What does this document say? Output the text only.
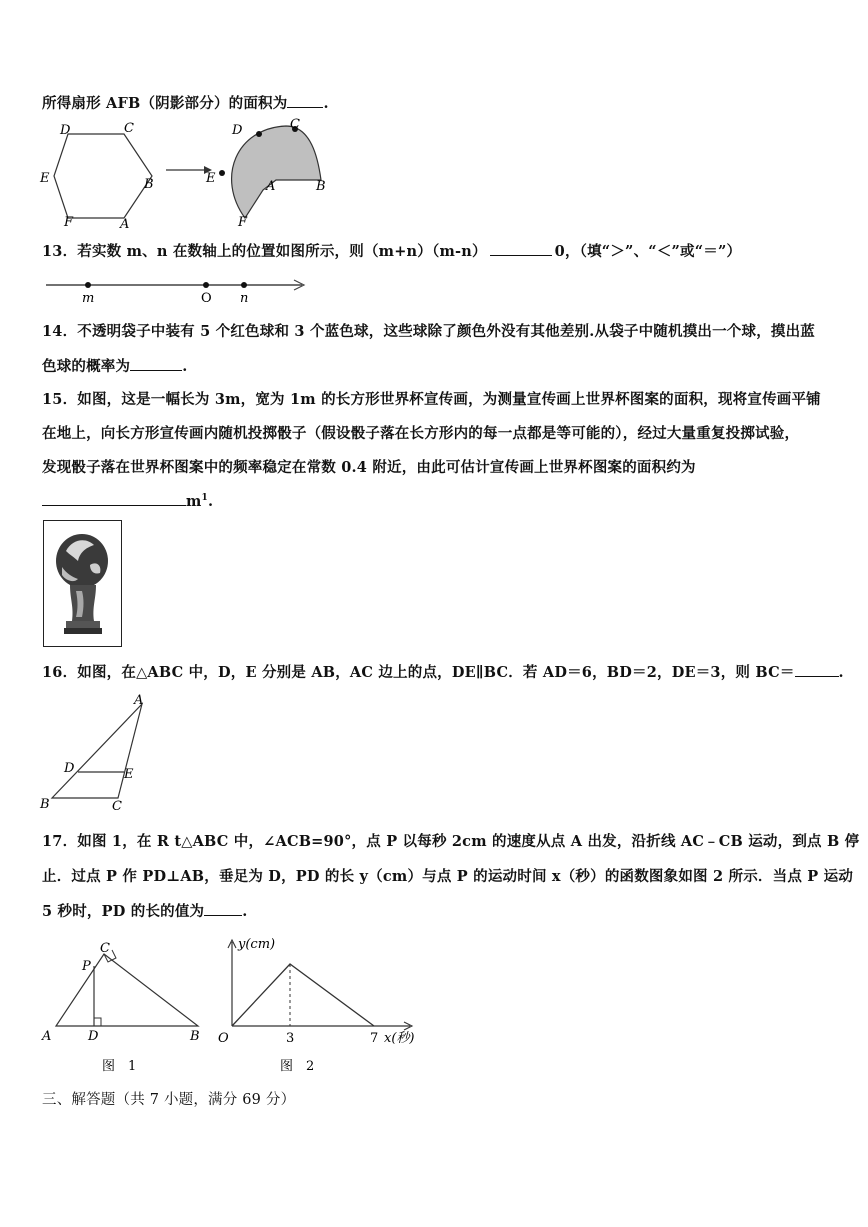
所得扇形 AFB（阴影部分）的面积为 .
D	C
E	B
F	A
D	C
E
A	B
F
13．若实数 m、n 在数轴上的位置如图所示，则（m+n）（m-n）	0，（填“＞”、“＜”或“＝”）
m	O n
14．不透明袋子中装有 5 个红色球和 3 个蓝色球，这些球除了颜色外没有其他差别.从袋子中随机摸出一个球，摸出蓝
色球的概率为	.
15．如图，这是一幅长为 3m，宽为 1m 的长方形世界杯宣传画，为测量宣传画上世界杯图案的面积，现将宣传画平铺
在地上，向长方形宣传画内随机投掷骰子（假设骰子落在长方形内的每一点都是等可能的），经过大量重复投掷试验，
发现骰子落在世界杯图案中的频率稳定在常数 0.4 附近，由此可估计宣传画上世界杯图案的面积约为
$m^1$.
16．如图，在△ABC 中，D，E 分别是 AB，AC 边上的点，DE∥BC．若 AD＝6，BD＝2，DE＝3，则 BC＝	.
A
D	E
B	C
17．如图 1，在 R t△ABC 中，∠ACB=90°，点 P 以每秒 2cm 的速度从点 A 出发，沿折线 AC﹣CB 运动，到点 B 停
止．过点 P 作 PD⊥AB，垂足为 D，PD 的长 y（cm）与点 P 的运动时间 x（秒）的函数图象如图 2 所示．当点 P 运动
5 秒时，PD 的长的值为	.
C
P
A	D	B
图　1
y(cm)
x(秒)
O	3	7
图　2
三、解答题（共 7 小题，满分 69 分）
